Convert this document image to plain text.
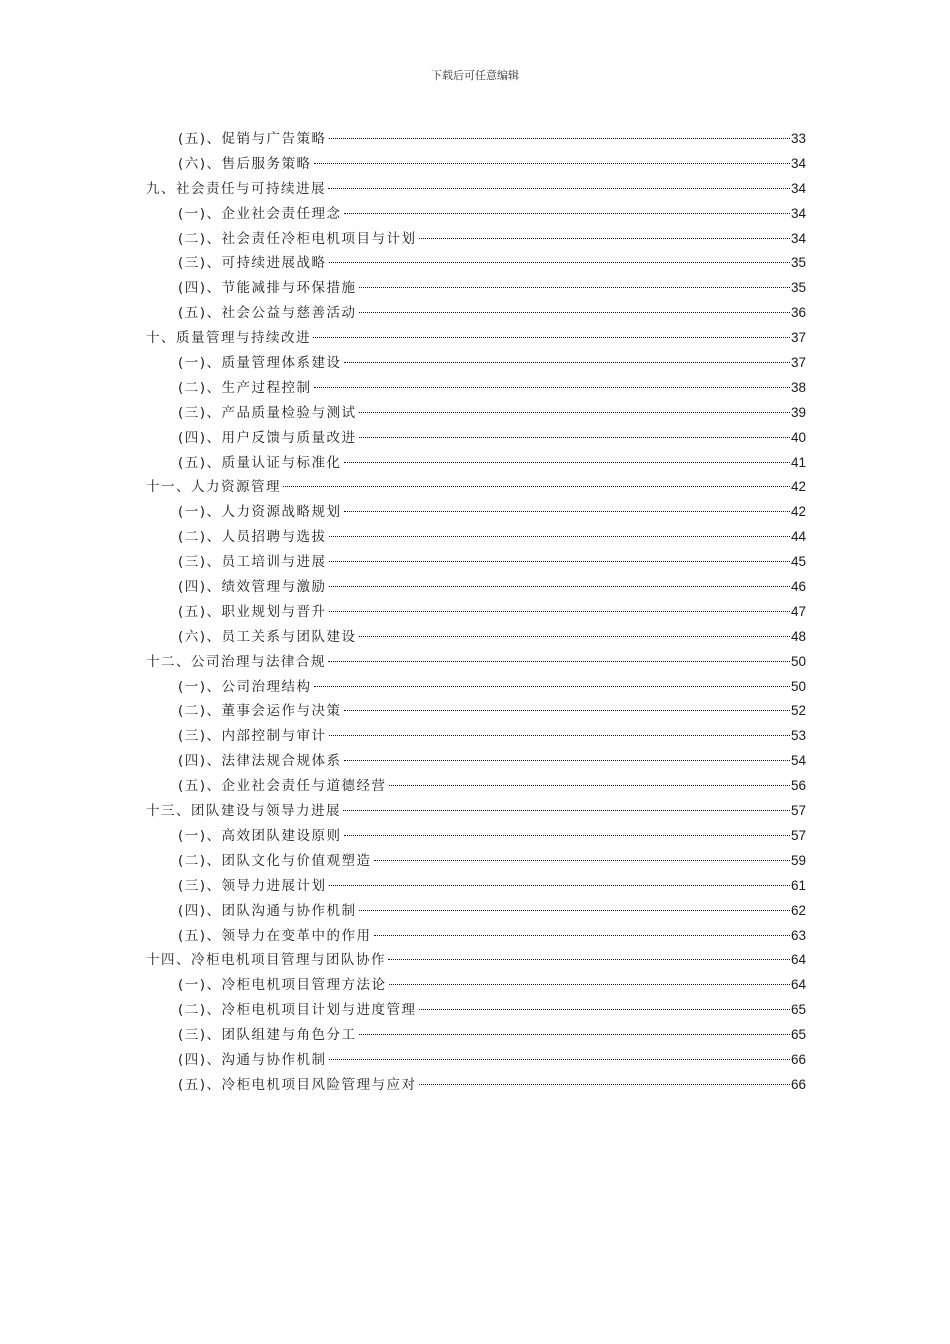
下载后可任意编辑
(五)、促销与广告策略	33
(六)、售后服务策略	34
九、社会责任与可持续进展	34
(一)、企业社会责任理念	34
(二)、社会责任冷柜电机项目与计划	34
(三)、可持续进展战略	35
(四)、节能减排与环保措施	35
(五)、社会公益与慈善活动	36
十、质量管理与持续改进	37
(一)、质量管理体系建设	37
(二)、生产过程控制	38
(三)、产品质量检验与测试	39
(四)、用户反馈与质量改进	40
(五)、质量认证与标准化	41
十一、人力资源管理	42
(一)、人力资源战略规划	42
(二)、人员招聘与选拔	44
(三)、员工培训与进展	45
(四)、绩效管理与激励	46
(五)、职业规划与晋升	47
(六)、员工关系与团队建设	48
十二、公司治理与法律合规	50
(一)、公司治理结构	50
(二)、董事会运作与决策	52
(三)、内部控制与审计	53
(四)、法律法规合规体系	54
(五)、企业社会责任与道德经营	56
十三、团队建设与领导力进展	57
(一)、高效团队建设原则	57
(二)、团队文化与价值观塑造	59
(三)、领导力进展计划	61
(四)、团队沟通与协作机制	62
(五)、领导力在变革中的作用	63
十四、冷柜电机项目管理与团队协作	64
(一)、冷柜电机项目管理方法论	64
(二)、冷柜电机项目计划与进度管理	65
(三)、团队组建与角色分工	65
(四)、沟通与协作机制	66
(五)、冷柜电机项目风险管理与应对	66
